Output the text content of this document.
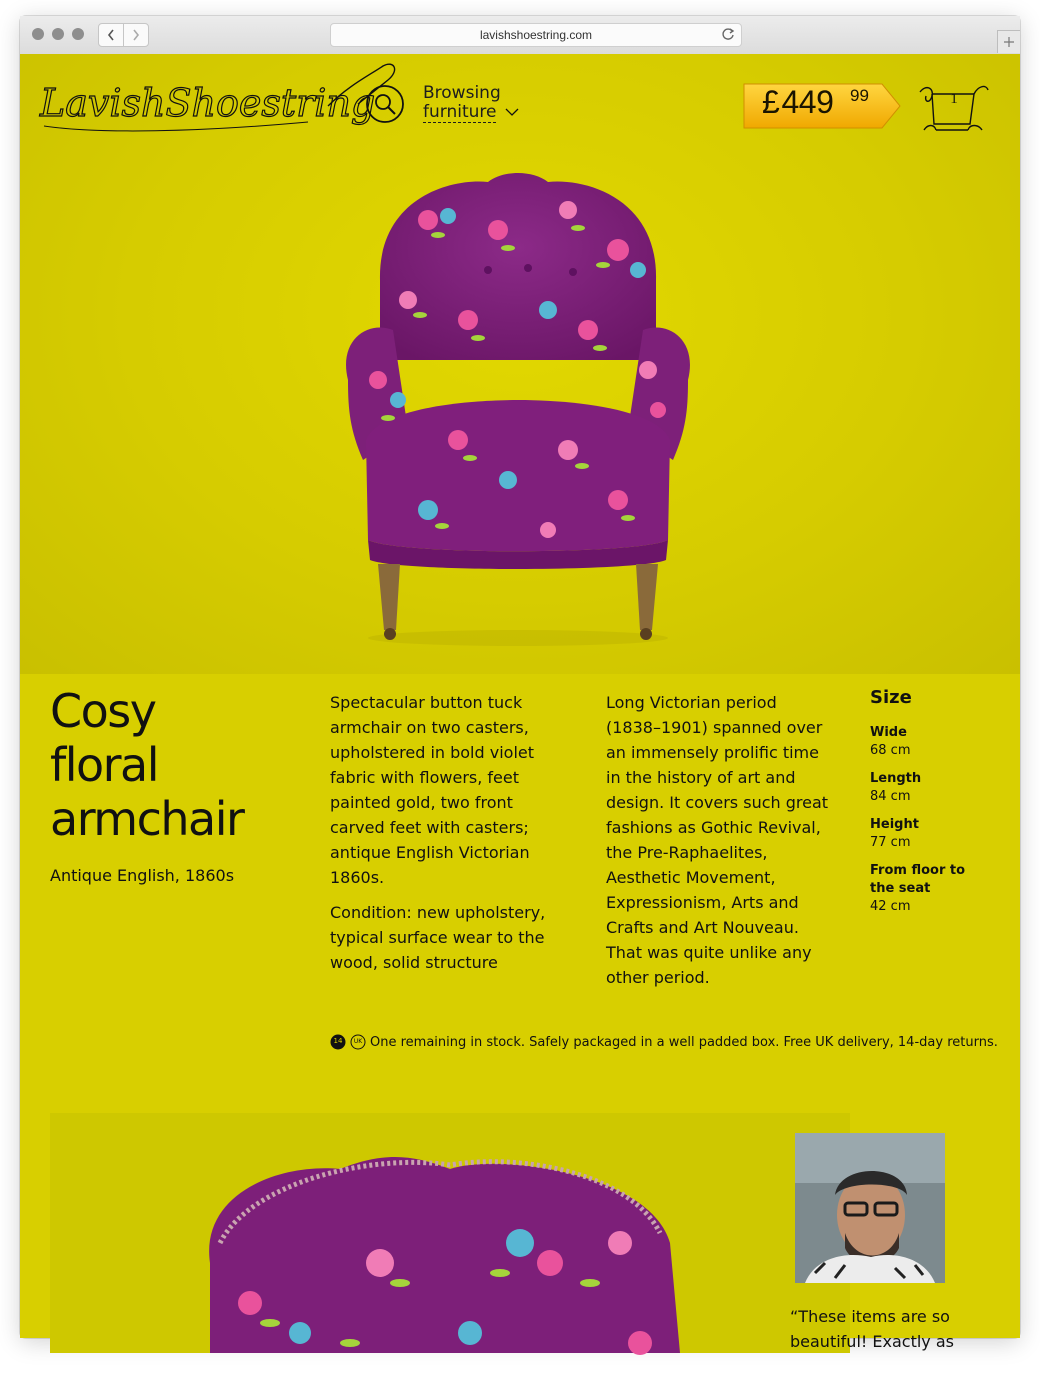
lavishshoestring.com
LavishShoestring	Browsing
furniture	£ 449 99	1
Cosy
floral
armchair
Antique English, 1860s

Spectacular button tuck armchair on two casters, upholstered in bold violet fabric with flowers, feet painted gold, two front carved feet with casters; antique English Victorian 1860s.

Condition: new upholstery, typical surface wear to the wood, solid structure

Long Victorian period (1838–1901) spanned over an immensely prolific time in the history of art and design. It covers such great fashions as Gothic Revival, the Pre-Raphaelites, Aesthetic Movement, Expressionism, Arts and Crafts and Art Nouveau. That was quite unlike any other period.

Size
Wide
68 cm
Length
84 cm
Height
77 cm
From floor to the seat
42 cm
14	UK One remaining in stock. Safely packaged in a well padded box. Free UK delivery, 14-day returns.
“These items are so beautiful! Exactly as
